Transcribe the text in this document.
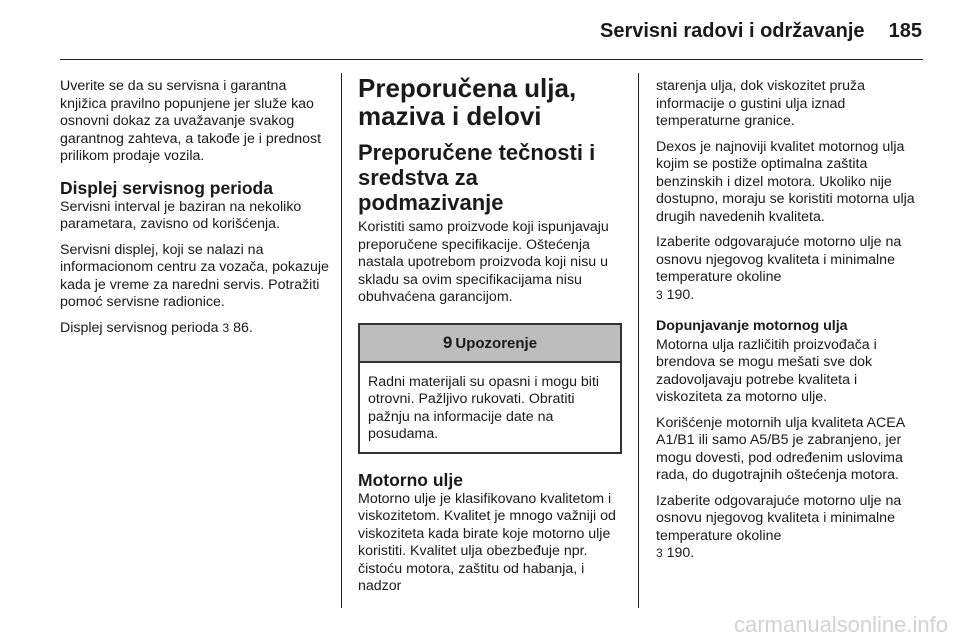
Servisni radovi i održavanje	185

Uverite se da su servisna i garantna knjižica pravilno popunjene jer služe kao osnovni dokaz za uvažavanje svakog garantnog zahteva, a takođe je i prednost prilikom prodaje vozila.

Displej servisnog perioda

Servisni interval je baziran na nekoliko parametara, zavisno od korišćenja.

Servisni displej, koji se nalazi na informacionom centru za vozača, pokazuje kada je vreme za naredni servis. Potražiti pomoć servisne radionice.

Displej servisnog perioda 3 86.

Preporučena ulja, maziva i delovi
Preporučene tečnosti i sredstva za podmazivanje

Koristiti samo proizvode koji ispunjavaju preporučene specifikacije. Oštećenja nastala upotrebom proizvoda koji nisu u skladu sa ovim specifikacijama nisu obuhvaćena garancijom.

9 Upozorenje
Radni materijali su opasni i mogu biti otrovni. Pažljivo rukovati. Obratiti pažnju na informacije date na posudama.
Motorno ulje

Motorno ulje je klasifikovano kvalitetom i viskozitetom. Kvalitet je mnogo važniji od viskoziteta kada birate koje motorno ulje koristiti. Kvalitet ulja obezbeđuje npr. čistoću motora, zaštitu od habanja, i nadzor

starenja ulja, dok viskozitet pruža informacije o gustini ulja iznad temperaturne granice.

Dexos je najnoviji kvalitet motornog ulja kojim se postiže optimalna zaštita benzinskih i dizel motora. Ukoliko nije dostupno, moraju se koristiti motorna ulja drugih navedenih kvaliteta.

Izaberite odgovarajuće motorno ulje na osnovu njegovog kvaliteta i minimalne temperature okoline
3 190.

Dopunjavanje motornog ulja

Motorna ulja različitih proizvođača i brendova se mogu mešati sve dok zadovoljavaju potrebe kvaliteta i viskoziteta za motorno ulje.

Korišćenje motornih ulja kvaliteta ACEA A1/B1 ili samo A5/B5 je zabranjeno, jer mogu dovesti, pod određenim uslovima rada, do dugotrajnih oštećenja motora.

Izaberite odgovarajuće motorno ulje na osnovu njegovog kvaliteta i minimalne temperature okoline
3 190.

carmanualsonline.info
